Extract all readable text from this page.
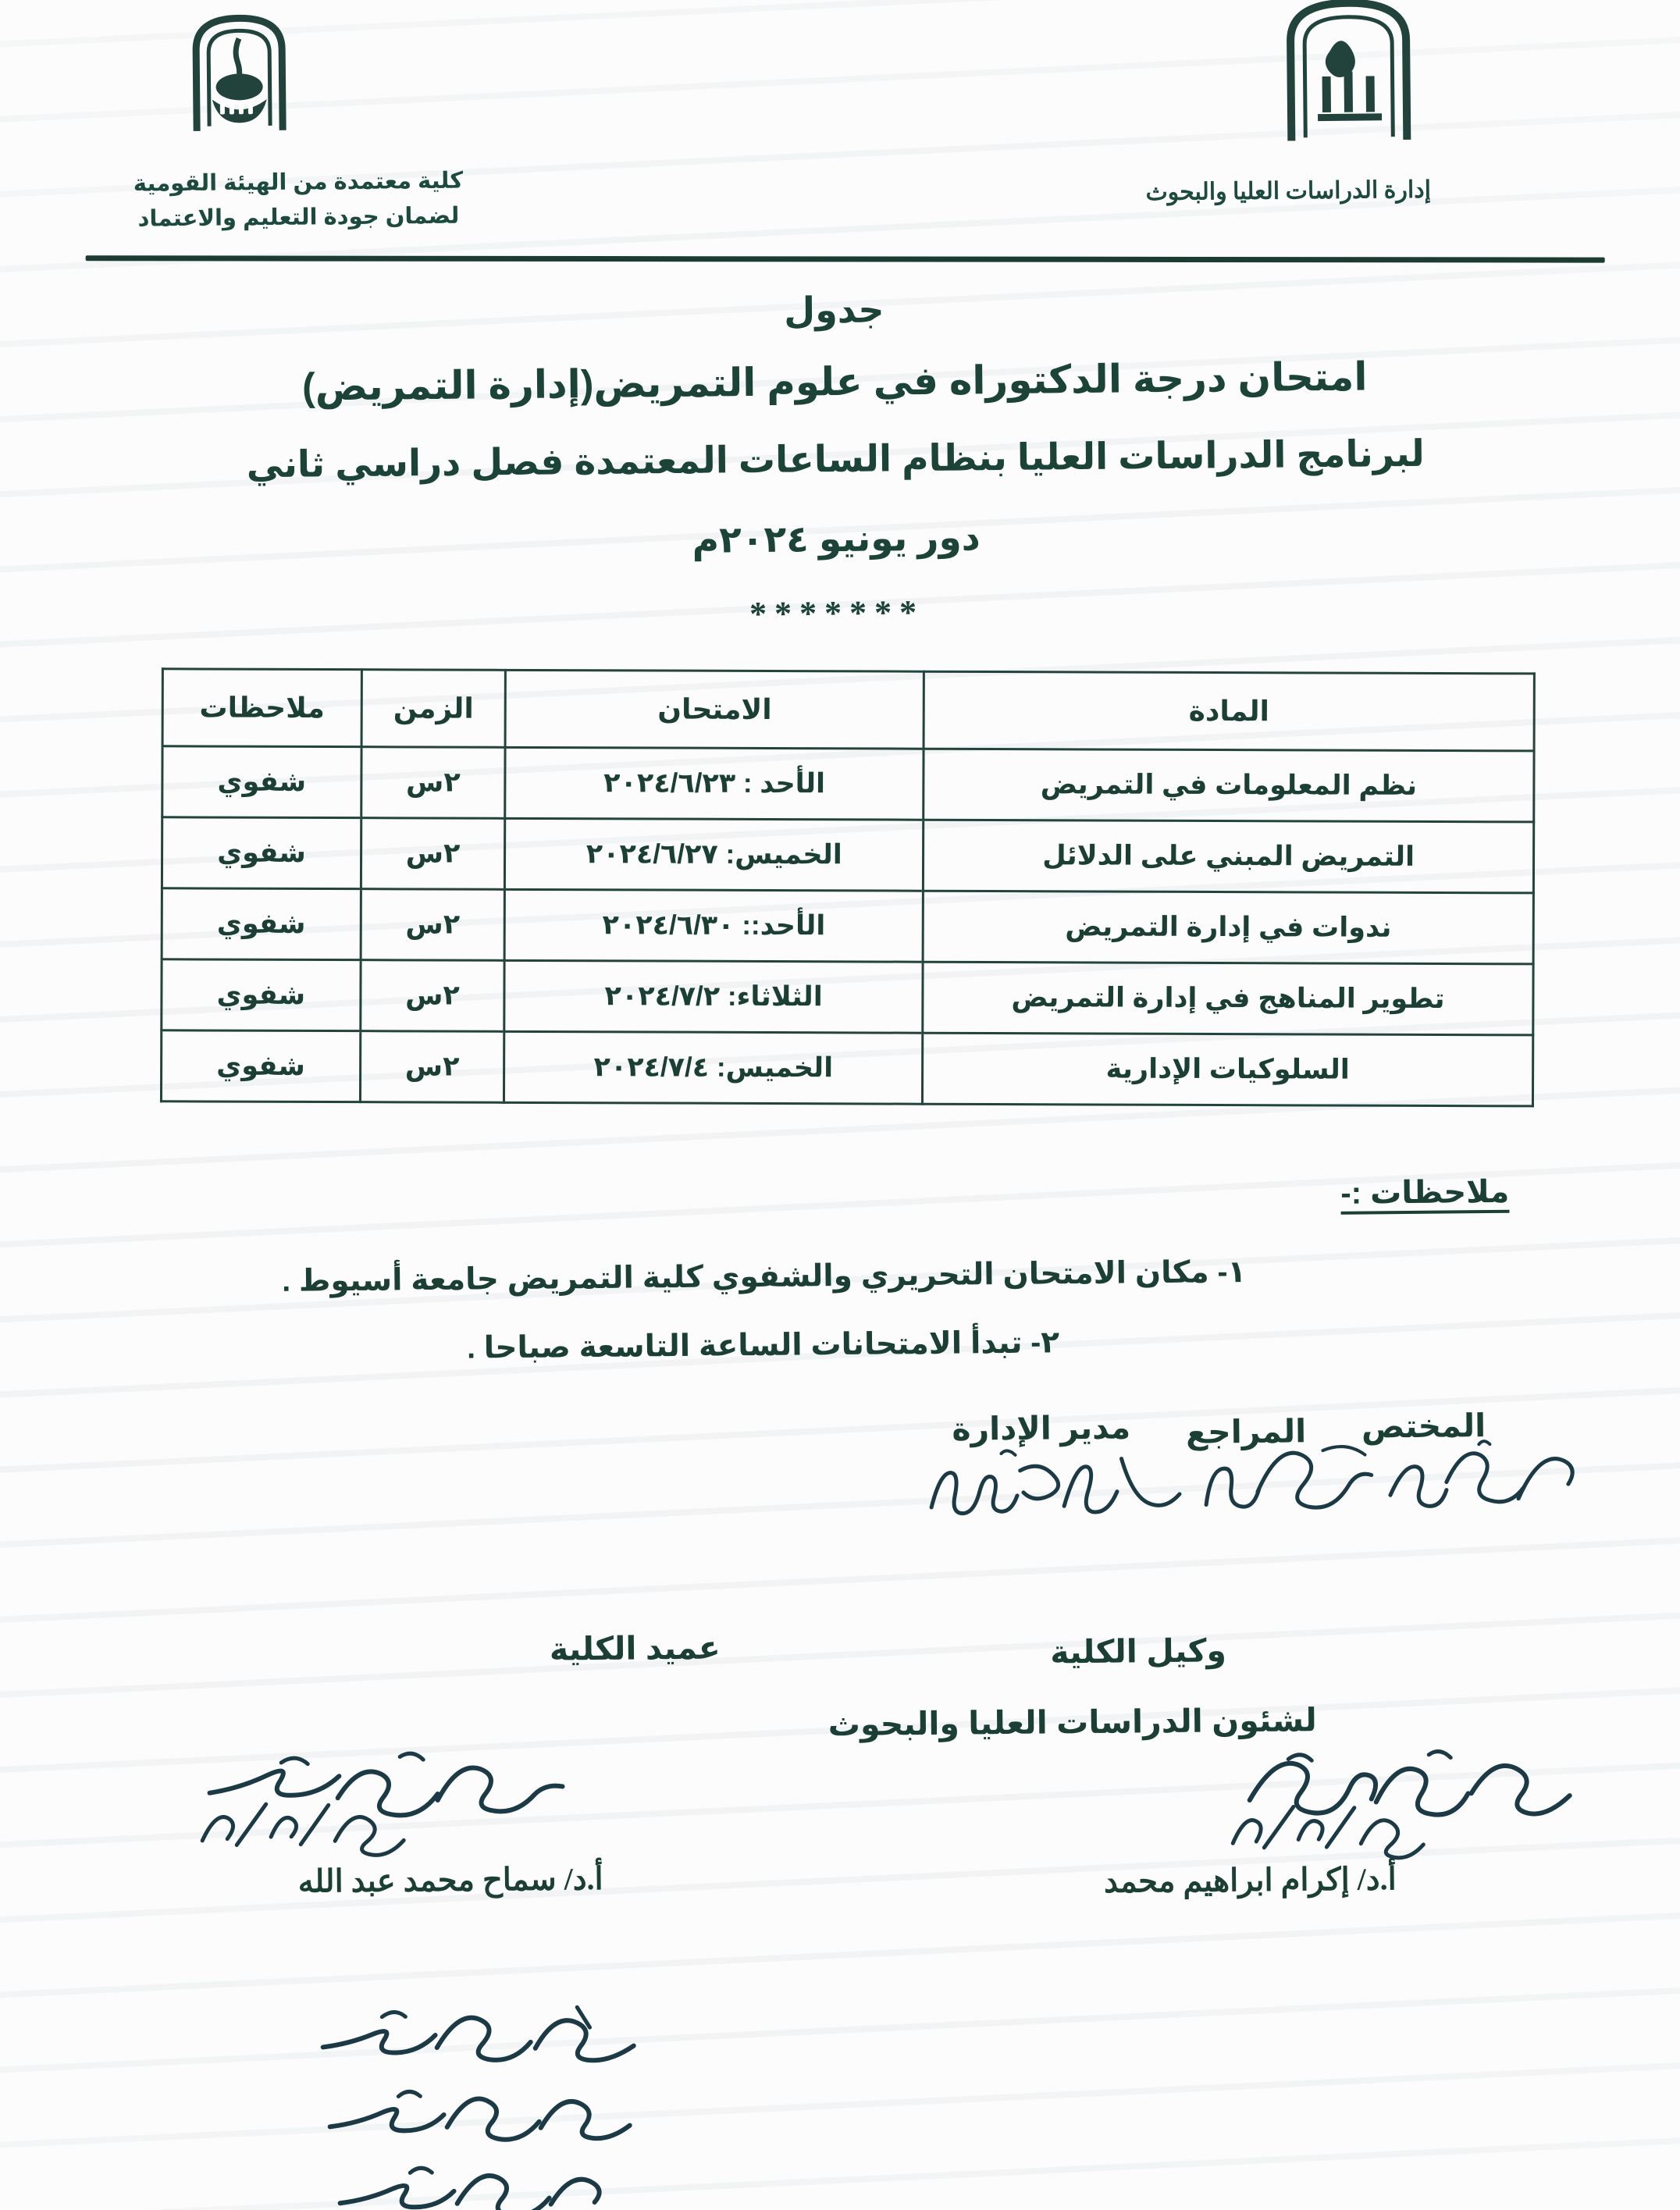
كلية معتمدة من الهيئة القومية
لضمان جودة التعليم والاعتماد
إدارة الدراسات العليا والبحوث
جدول
امتحان درجة الدكتوراه في علوم التمريض(إدارة التمريض)
لبرنامج الدراسات العليا بنظام الساعات المعتمدة فصل دراسي ثاني
دور يونيو ٢٠٢٤م
*******
المادة	الامتحان	الزمن	ملاحظات
نظم المعلومات في التمريض	الأحد : ٢٠٢٤/٦/٢٣	٢س	شفوي
التمريض المبني على الدلائل	الخميس: ٢٠٢٤/٦/٢٧	٢س	شفوي
ندوات في إدارة التمريض	الأحد:: ٢٠٢٤/٦/٣٠	٢س	شفوي
تطوير المناهج في إدارة التمريض	الثلاثاء: ٢٠٢٤/٧/٢	٢س	شفوي
السلوكيات الإدارية	الخميس: ٢٠٢٤/٧/٤	٢س	شفوي
ملاحظات :-
١- مكان الامتحان التحريري والشفوي كلية التمريض جامعة أسيوط .
٢- تبدأ الامتحانات الساعة التاسعة صباحا .
المختص
المراجع
مدير الإدارة
وكيل الكلية
لشئون الدراسات العليا والبحوث
أ.د/ إكرام ابراهيم محمد
عميد الكلية
أ.د/ سماح محمد عبد الله
